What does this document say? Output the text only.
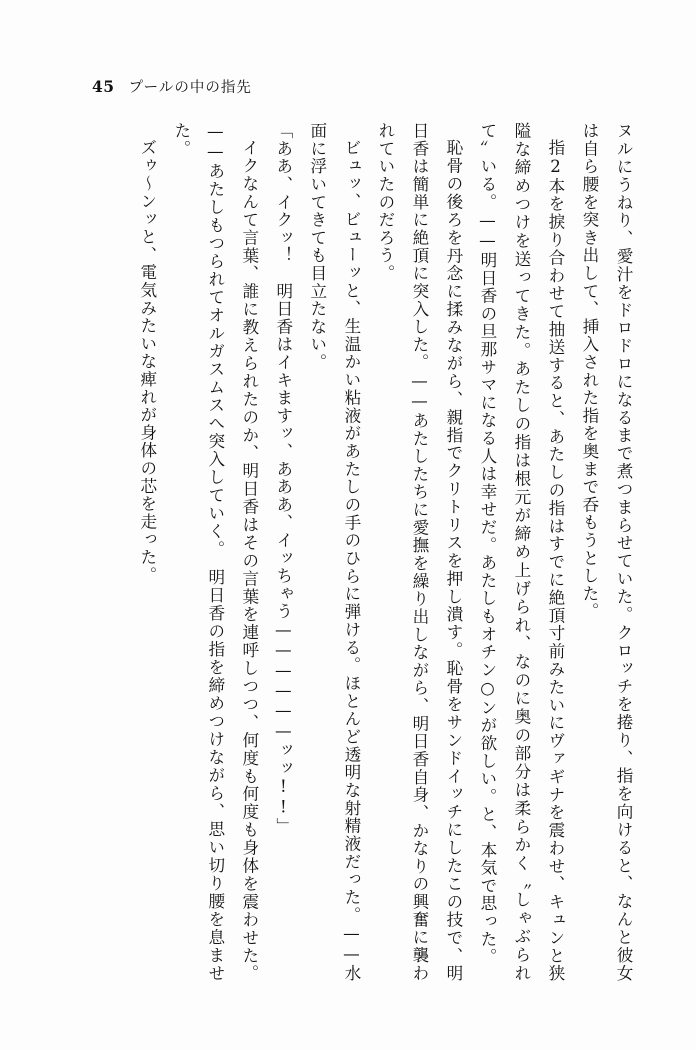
45 プールの中の指先

ヌルにうねり、愛汁をドロドロになるまで煮つまらせていた。クロッチを捲り、指を向けると、なんと彼女は自ら腰を突き出して、挿入された指を奥まで呑もうとした。

指2本を捩り合わせて抽送すると、あたしの指はすでに絶頂寸前みたいにヴァギナを震わせ、キュンと狭隘な締めつけを送ってきた。あたしの指は根元が締め上げられ、なのに奥の部分は柔らかく〝しゃぶられて〟いる。——明日香の旦那サマになる人は幸せだ。あたしもオチン○ンが欲しい。と、本気で思った。

恥骨の後ろを丹念に揉みながら、親指でクリトリスを押し潰す。恥骨をサンドイッチにしたこの技で、明日香は簡単に絶頂に突入した。——あたしたちに愛撫を繰り出しながら、明日香自身、かなりの興奮に襲われていたのだろう。

ビュッ、ビューッと、生温かい粘液があたしの手のひらに弾ける。ほとんど透明な射精液だった。——水面に浮いてきても目立たない。

「ああ、イクッ！　明日香はイキますッ、あああ、イッちゃう——————ッッ!!」

イクなんて言葉、誰に教えられたのか、明日香はその言葉を連呼しつつ、何度も何度も身体を震わせた。——あたしもつられてオルガスムスへ突入していく。　明日香の指を締めつけながら、思い切り腰を息ませた。

ズゥ〜ンッと、電気みたいな痺れが身体の芯を走った。
